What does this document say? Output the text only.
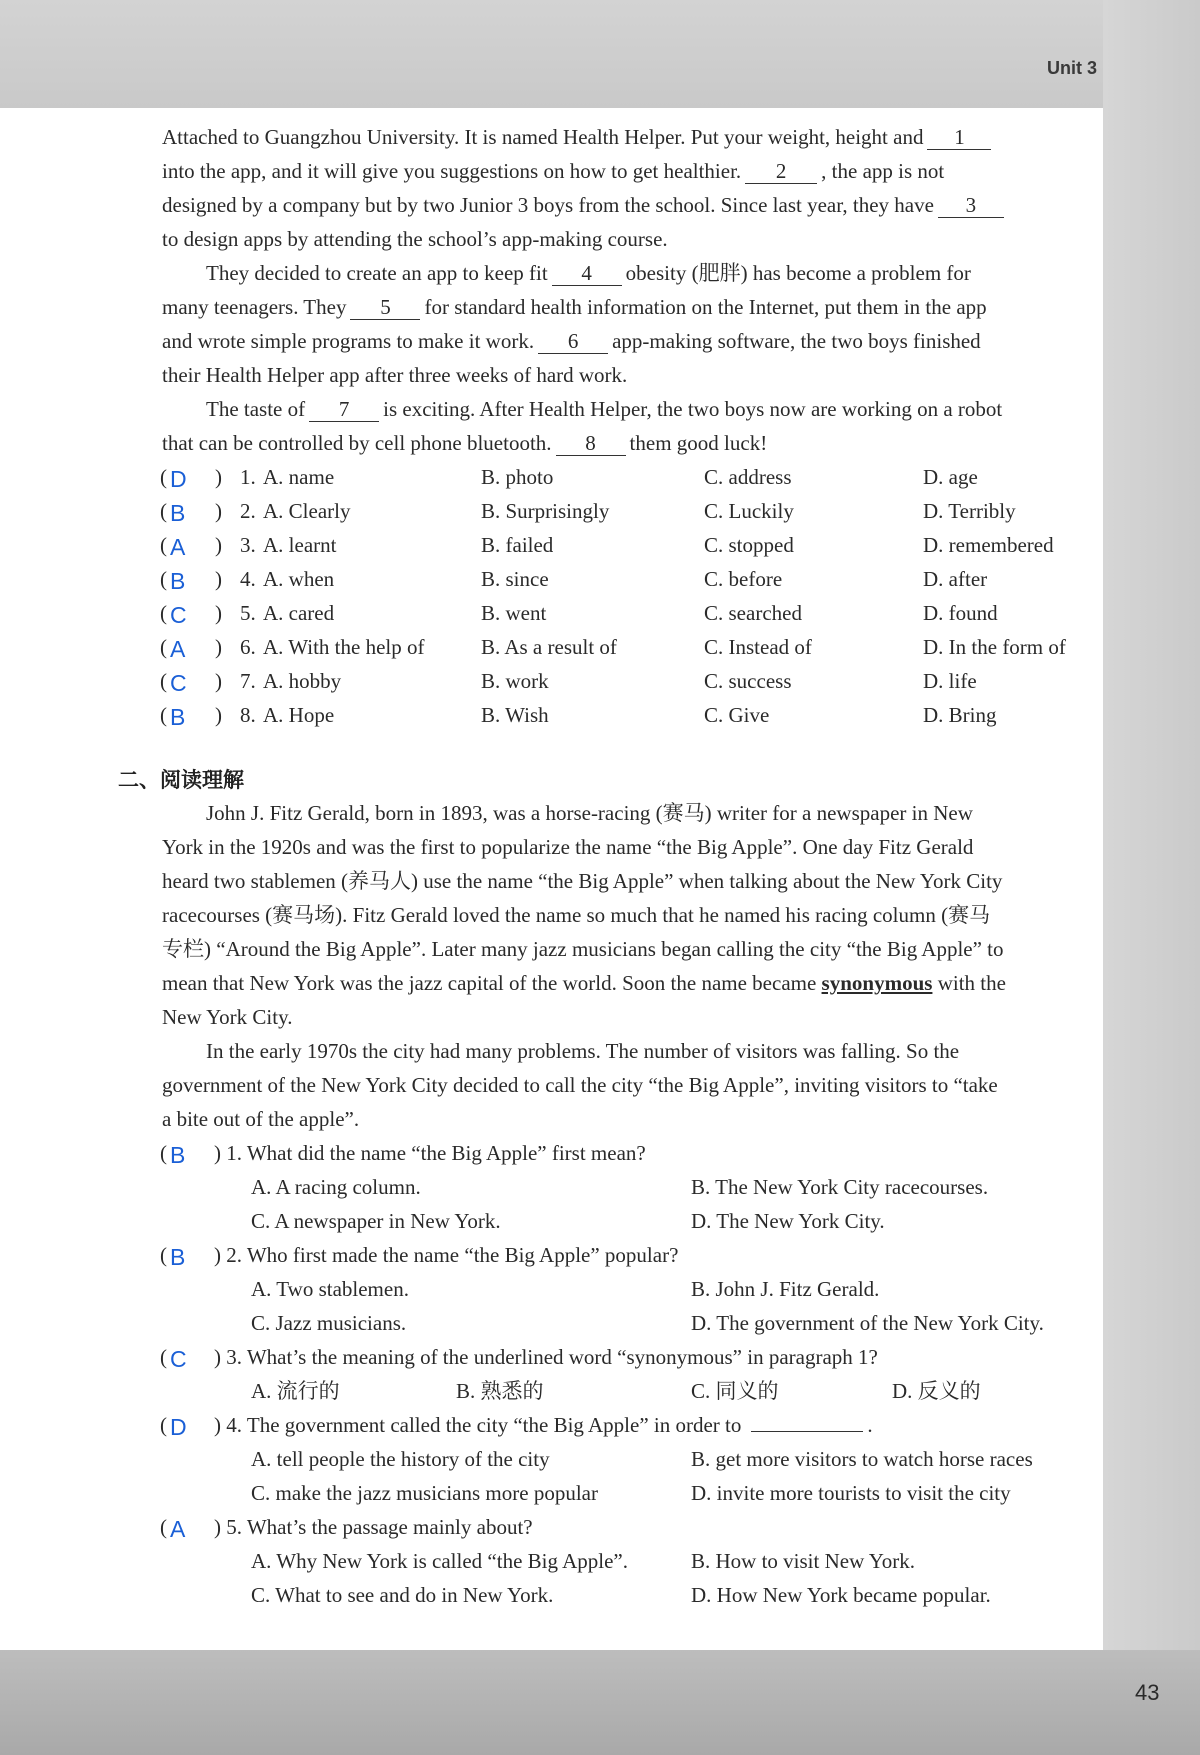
Unit 3
43
Attached to Guangzhou University. It is named Health Helper. Put your weight, height and 1
into the app, and it will give you suggestions on how to get healthier. 2 , the app is not
designed by a company but by two Junior 3 boys from the school. Since last year, they have 3
to design apps by attending the school’s app-making course.
They decided to create an app to keep fit 4 obesity (肥胖) has become a problem for
many teenagers. They 5 for standard health information on the Internet, put them in the app
and wrote simple programs to make it work. 6 app-making software, the two boys finished
their Health Helper app after three weeks of hard work.
The taste of 7 is exciting. After Health Helper, the two boys now are working on a robot
that can be controlled by cell phone bluetooth. 8 them good luck!
( D ) 1. A. name	B. photo	C. address	D. age
( B ) 2. A. Clearly	B. Surprisingly	C. Luckily	D. Terribly
( A ) 3. A. learnt	B. failed	C. stopped	D. remembered
( B ) 4. A. when	B. since	C. before	D. after
( C ) 5. A. cared	B. went	C. searched	D. found
( A ) 6. A. With the help of	B. As a result of	C. Instead of	D. In the form of
( C ) 7. A. hobby	B. work	C. success	D. life
( B ) 8. A. Hope	B. Wish	C. Give	D. Bring
二、阅读理解
John J. Fitz Gerald, born in 1893, was a horse-racing (赛马) writer for a newspaper in New
York in the 1920s and was the first to popularize the name “the Big Apple”. One day Fitz Gerald
heard two stablemen (养马人) use the name “the Big Apple” when talking about the New York City
racecourses (赛马场). Fitz Gerald loved the name so much that he named his racing column (赛马
专栏) “Around the Big Apple”. Later many jazz musicians began calling the city “the Big Apple” to
mean that New York was the jazz capital of the world. Soon the name became synonymous with the
New York City.
In the early 1970s the city had many problems. The number of visitors was falling. So the
government of the New York City decided to call the city “the Big Apple”, inviting visitors to “take
a bite out of the apple”.
( B ) 1. What did the name “the Big Apple” first mean?
A. A racing column.	B. The New York City racecourses.
C. A newspaper in New York.	D. The New York City.
( B ) 2. Who first made the name “the Big Apple” popular?
A. Two stablemen.	B. John J. Fitz Gerald.
C. Jazz musicians.	D. The government of the New York City.
( C ) 3. What’s the meaning of the underlined word “synonymous” in paragraph 1?
A. 流行的	B. 熟悉的	C. 同义的	D. 反义的
( D ) 4. The government called the city “the Big Apple” in order to	.
A. tell people the history of the city	B. get more visitors to watch horse races
C. make the jazz musicians more popular	D. invite more tourists to visit the city
( A ) 5. What’s the passage mainly about?
A. Why New York is called “the Big Apple”.	B. How to visit New York.
C. What to see and do in New York.	D. How New York became popular.
